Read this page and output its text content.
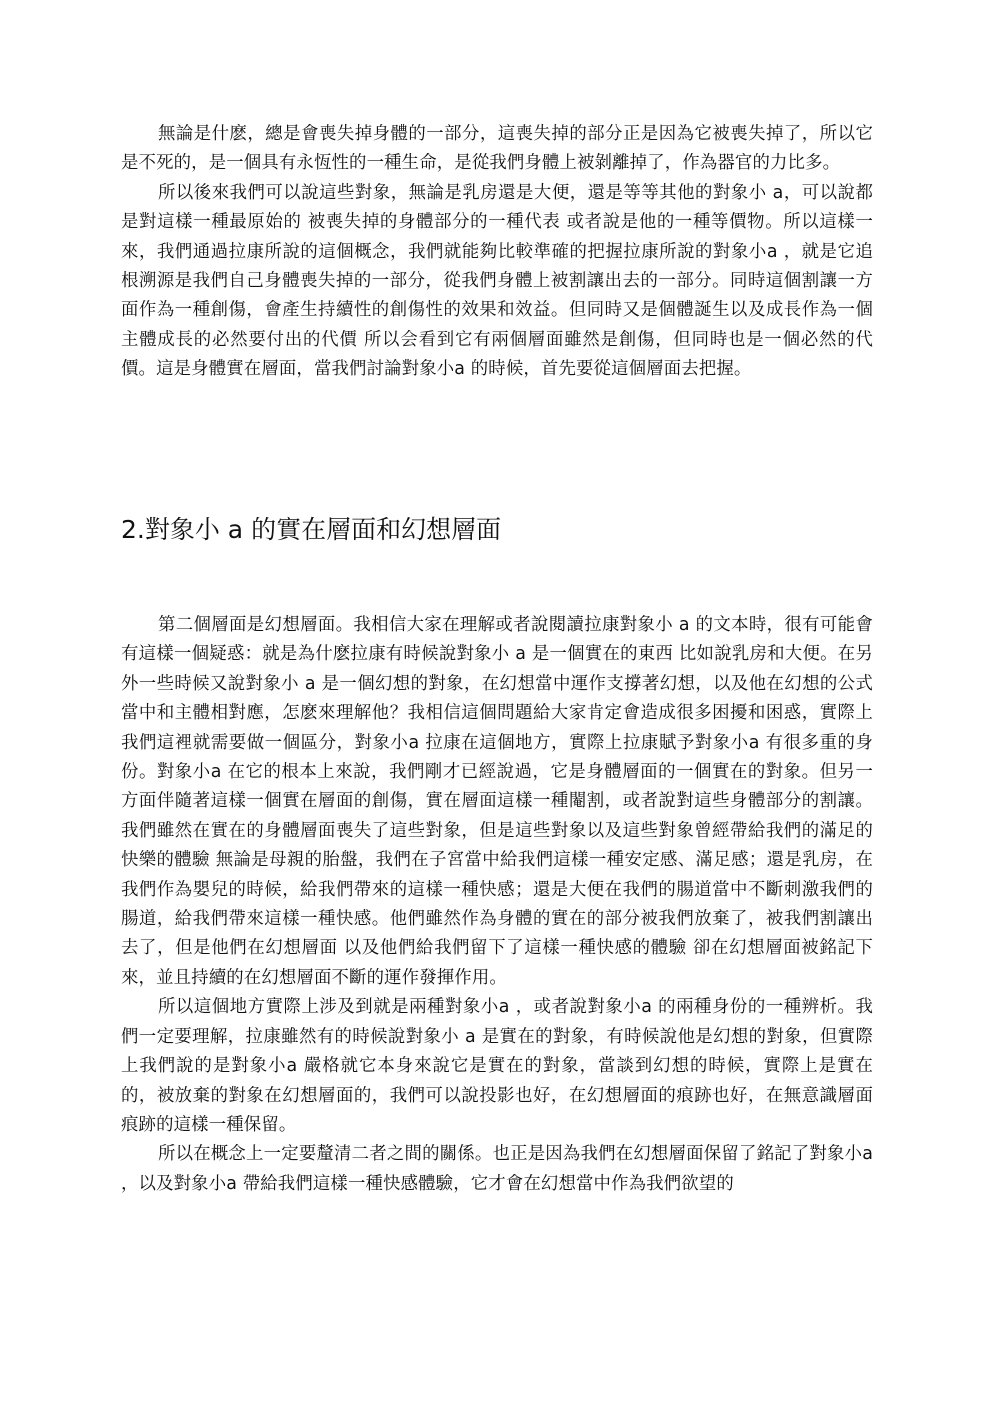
無論是什麽，總是會喪失掉身體的一部分，這喪失掉的部分正是因為它被喪失掉了，所以它是不死的，是一個具有永恆性的一種生命，是從我們身體上被剝離掉了，作為器官的力比多。

所以後來我們可以說這些對象，無論是乳房還是大便，還是等等其他的對象小 a，可以說都是對這樣一種最原始的 被喪失掉的身體部分的一種代表 或者說是他的一種等價物。所以這樣一來，我們通過拉康所說的這個概念，我們就能夠比較準確的把握拉康所說的對象小a ，就是它追根溯源是我們自己身體喪失掉的一部分，從我們身體上被割讓出去的一部分。同時這個割讓一方面作為一種創傷，會產生持續性的創傷性的效果和效益。但同時又是個體誕生以及成長作為一個主體成長的必然要付出的代價 所以会看到它有兩個層面雖然是創傷，但同時也是一個必然的代價。這是身體實在層面，當我們討論對象小a 的時候，首先要從這個層面去把握。

2.對象小 a 的實在層面和幻想層面

第二個層面是幻想層面。我相信大家在理解或者說閱讀拉康對象小 a 的文本時，很有可能會有這樣一個疑惑：就是為什麽拉康有時候說對象小 a 是一個實在的東西 比如說乳房和大便。在另外一些時候又說對象小 a 是一個幻想的對象，在幻想當中運作支撐著幻想，以及他在幻想的公式當中和主體相對應，怎麽來理解他？我相信這個問題給大家肯定會造成很多困擾和困惑，實際上我們這裡就需要做一個區分，對象小a 拉康在這個地方，實際上拉康賦予對象小a 有很多重的身份。對象小a 在它的根本上來說，我們剛才已經說過，它是身體層面的一個實在的對象。但另一方面伴隨著這樣一個實在層面的創傷，實在層面這樣一種閹割，或者說對這些身體部分的割讓。我們雖然在實在的身體層面喪失了這些對象，但是這些對象以及這些對象曾經帶給我們的滿足的 快樂的體驗 無論是母親的胎盤，我們在子宮當中給我們這樣一種安定感、滿足感；還是乳房，在我們作為嬰兒的時候，給我們帶來的這樣一種快感；還是大便在我們的腸道當中不斷刺激我們的腸道，給我們帶來這樣一種快感。他們雖然作為身體的實在的部分被我們放棄了，被我們割讓出去了，但是他們在幻想層面 以及他們給我們留下了這樣一種快感的體驗 卻在幻想層面被銘記下來，並且持續的在幻想層面不斷的運作發揮作用。

所以這個地方實際上涉及到就是兩種對象小a ，或者說對象小a 的兩種身份的一種辨析。我們一定要理解，拉康雖然有的時候說對象小 a 是實在的對象，有時候說他是幻想的對象，但實際上我們說的是對象小a 嚴格就它本身來說它是實在的對象，當談到幻想的時候，實際上是實在的，被放棄的對象在幻想層面的，我們可以說投影也好，在幻想層面的痕跡也好，在無意識層面痕跡的這樣一種保留。

所以在概念上一定要釐清二者之間的關係。也正是因為我們在幻想層面保留了銘記了對象小a ，以及對象小a 帶給我們這樣一種快感體驗，它才會在幻想當中作為我們欲望的
